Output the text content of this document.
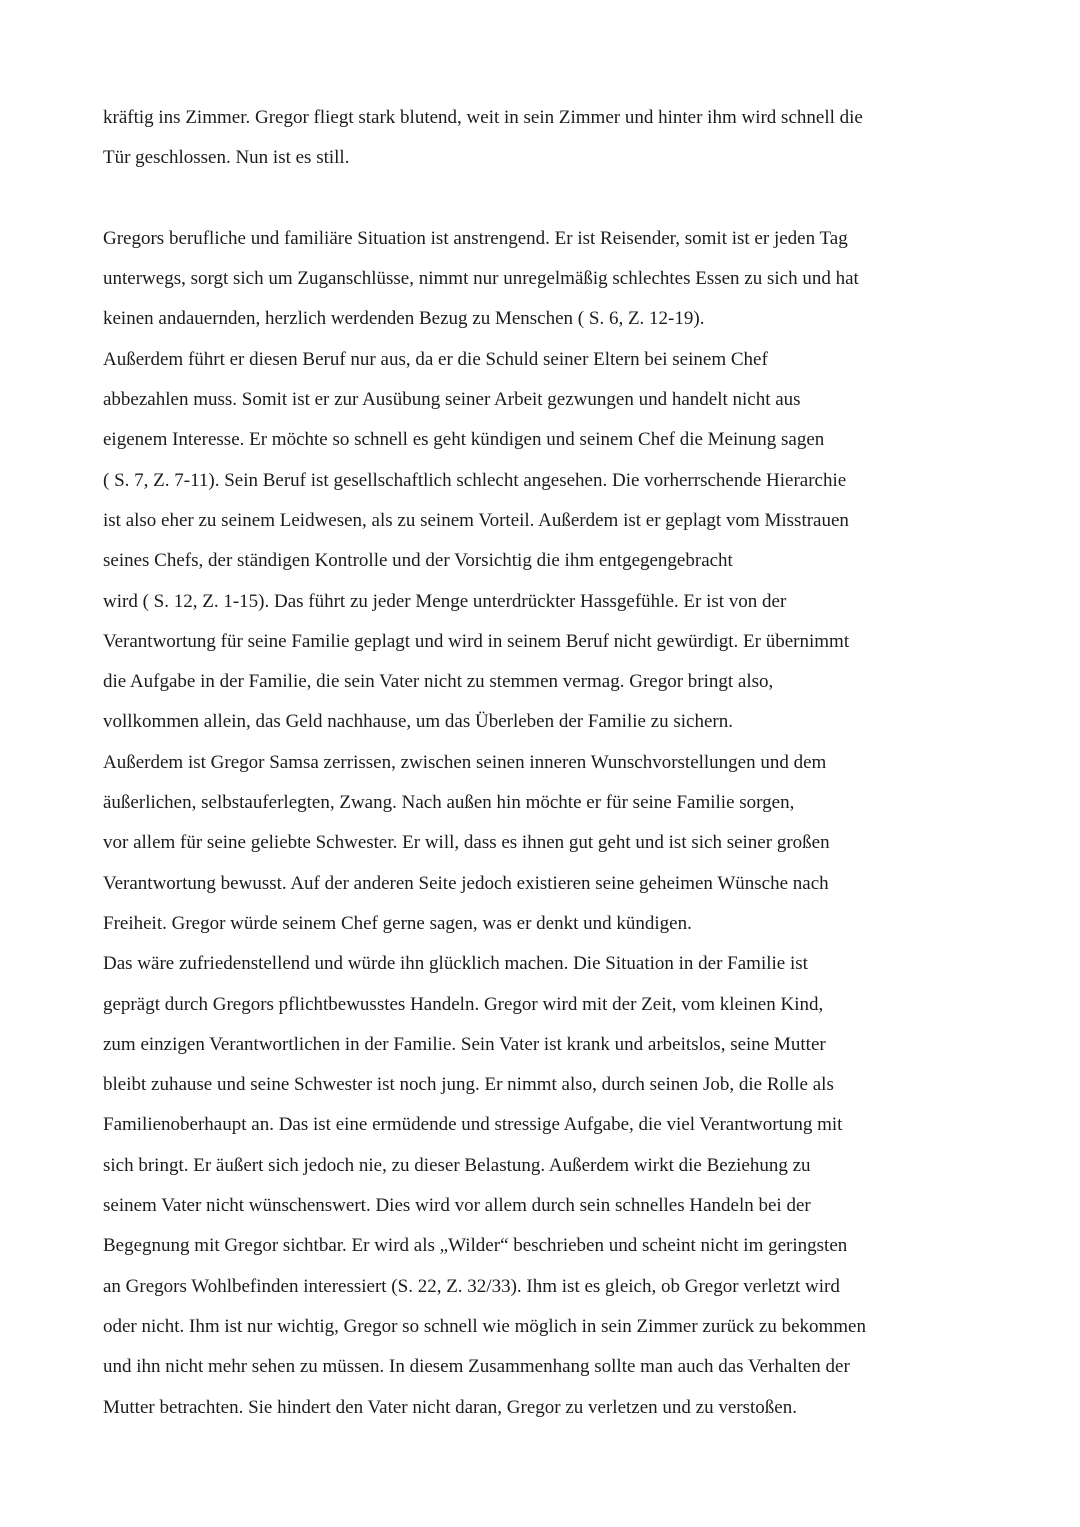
kräftig ins Zimmer. Gregor fliegt stark blutend, weit in sein Zimmer und hinter ihm wird schnell die
Tür geschlossen. Nun ist es still.
Gregors berufliche und familiäre Situation ist anstrengend. Er ist Reisender, somit ist er jeden Tag
unterwegs, sorgt sich um Zuganschlüsse, nimmt nur unregelmäßig schlechtes Essen zu sich und hat
keinen andauernden, herzlich werdenden Bezug zu Menschen ( S. 6, Z. 12-19).
Außerdem führt er diesen Beruf nur aus, da er die Schuld seiner Eltern bei seinem Chef
abbezahlen muss. Somit ist er zur Ausübung seiner Arbeit gezwungen und handelt nicht aus
eigenem Interesse. Er möchte so schnell es geht kündigen und seinem Chef die Meinung sagen
( S. 7, Z. 7-11). Sein Beruf ist gesellschaftlich schlecht angesehen. Die vorherrschende Hierarchie
ist also eher zu seinem Leidwesen, als zu seinem Vorteil. Außerdem ist er geplagt vom Misstrauen
seines Chefs, der ständigen Kontrolle und der Vorsichtig die ihm entgegengebracht
wird ( S. 12, Z. 1-15). Das führt zu jeder Menge unterdrückter Hassgefühle. Er ist von der
Verantwortung für seine Familie geplagt und wird in seinem Beruf nicht gewürdigt. Er übernimmt
die Aufgabe in der Familie, die sein Vater nicht zu stemmen vermag. Gregor bringt also,
vollkommen allein, das Geld nachhause, um das Überleben der Familie zu sichern.
Außerdem ist Gregor Samsa zerrissen, zwischen seinen inneren Wunschvorstellungen und dem
äußerlichen, selbstauferlegten, Zwang. Nach außen hin möchte er für seine Familie sorgen,
vor allem für seine geliebte Schwester. Er will, dass es ihnen gut geht und ist sich seiner großen
Verantwortung bewusst. Auf der anderen Seite jedoch existieren seine geheimen Wünsche nach
Freiheit. Gregor würde seinem Chef gerne sagen, was er denkt und kündigen.
Das wäre zufriedenstellend und würde ihn glücklich machen. Die Situation in der Familie ist
geprägt durch Gregors pflichtbewusstes Handeln. Gregor wird mit der Zeit, vom kleinen Kind,
zum einzigen Verantwortlichen in der Familie. Sein Vater ist krank und arbeitslos, seine Mutter
bleibt zuhause und seine Schwester ist noch jung. Er nimmt also, durch seinen Job, die Rolle als
Familienoberhaupt an. Das ist eine ermüdende und stressige Aufgabe, die viel Verantwortung mit
sich bringt. Er äußert sich jedoch nie, zu dieser Belastung. Außerdem wirkt die Beziehung zu
seinem Vater nicht wünschenswert. Dies wird vor allem durch sein schnelles Handeln bei der
Begegnung mit Gregor sichtbar. Er wird als „Wilder“ beschrieben und scheint nicht im geringsten
an Gregors Wohlbefinden interessiert (S. 22, Z. 32/33). Ihm ist es gleich, ob Gregor verletzt wird
oder nicht. Ihm ist nur wichtig, Gregor so schnell wie möglich in sein Zimmer zurück zu bekommen
und ihn nicht mehr sehen zu müssen. In diesem Zusammenhang sollte man auch das Verhalten der
Mutter betrachten. Sie hindert den Vater nicht daran, Gregor zu verletzen und zu verstoßen.
